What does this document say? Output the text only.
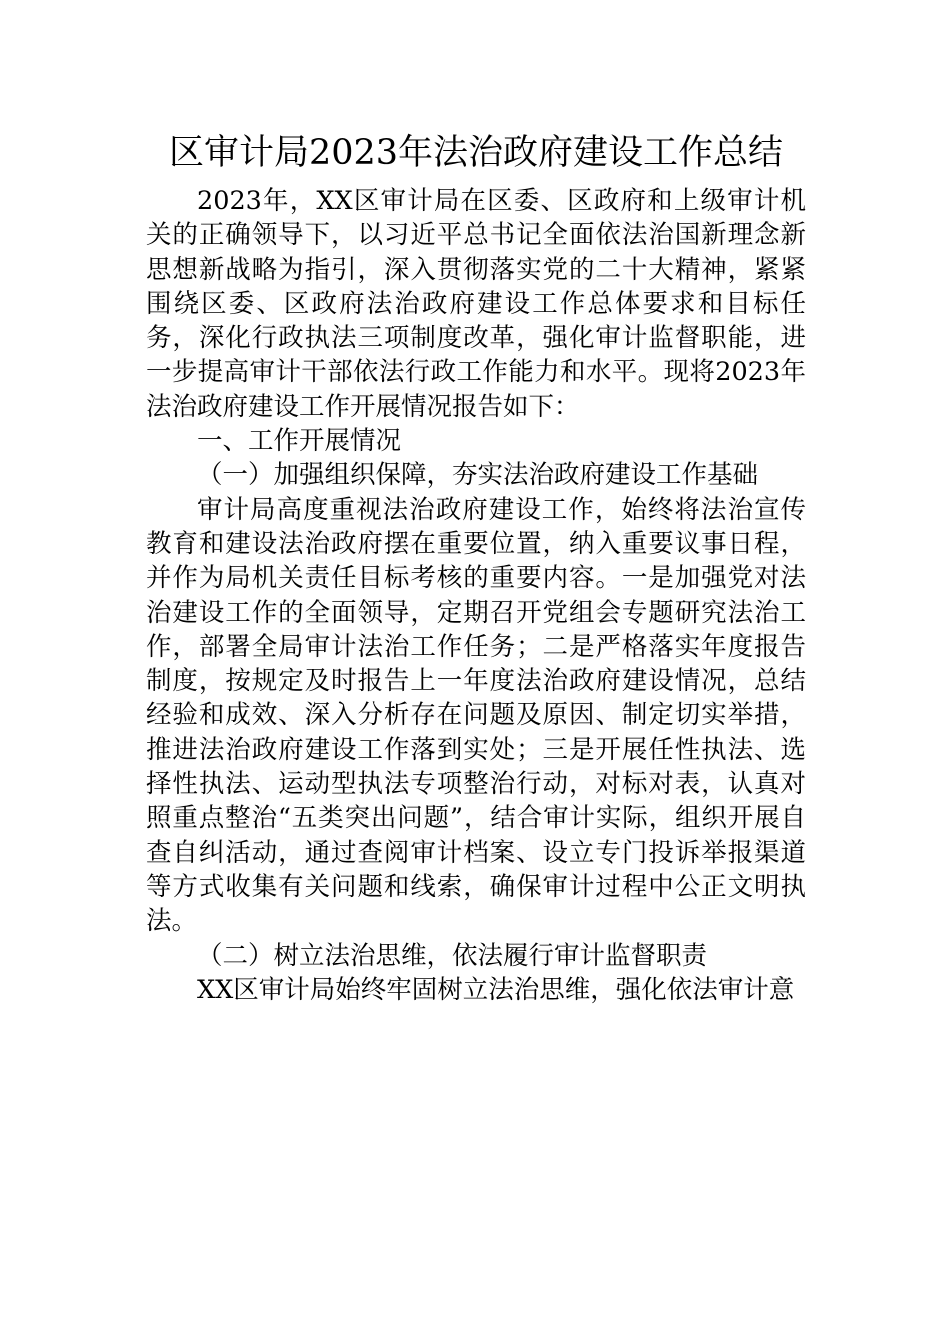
区审计局2023年法治政府建设工作总结

2023年，XX区审计局在区委、区政府和上级审计机关的正确领导下，以习近平总书记全面依法治国新理念新思想新战略为指引，深入贯彻落实党的二十大精神，紧紧围绕区委、区政府法治政府建设工作总体要求和目标任务，深化行政执法三项制度改革，强化审计监督职能，进一步提高审计干部依法行政工作能力和水平。现将2023年法治政府建设工作开展情况报告如下：

一、工作开展情况

（一）加强组织保障，夯实法治政府建设工作基础

审计局高度重视法治政府建设工作，始终将法治宣传教育和建设法治政府摆在重要位置，纳入重要议事日程，并作为局机关责任目标考核的重要内容。一是加强党对法治建设工作的全面领导，定期召开党组会专题研究法治工作，部署全局审计法治工作任务；二是严格落实年度报告制度，按规定及时报告上一年度法治政府建设情况，总结经验和成效、深入分析存在问题及原因、制定切实举措，推进法治政府建设工作落到实处；三是开展任性执法、选择性执法、运动型执法专项整治行动，对标对表，认真对照重点整治“五类突出问题”，结合审计实际，组织开展自查自纠活动，通过查阅审计档案、设立专门投诉举报渠道等方式收集有关问题和线索，确保审计过程中公正文明执法。

（二）树立法治思维，依法履行审计监督职责

XX区审计局始终牢固树立法治思维，强化依法审计意
